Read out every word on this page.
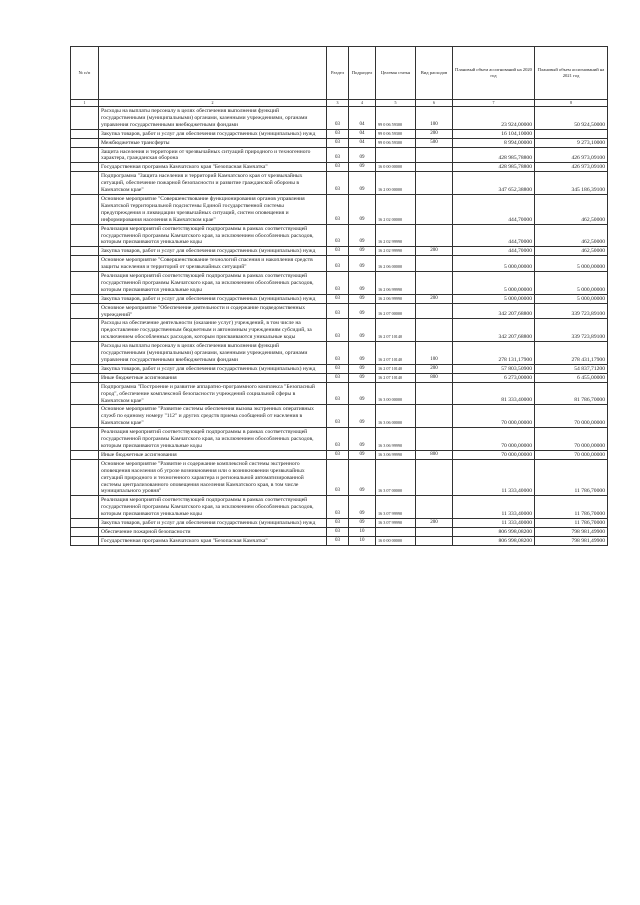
№ п/п		Раздел	Подраздел	Целевая статья	Вид расходов	Плановый объем ассигнований на 2020 год	Плановый объем ассигнований на 2021 год
1	2	3	4	5	6	7	8
	Расходы на выплаты персоналу в целях обеспечения выполнения функций государственными (муниципальными) органами, казенными учреждениями, органами управления государственными внебюджетными фондами	03	04	99 0 06 59300	100	23 924,00000	50 924,50000
	Закупка товаров, работ и услуг для обеспечения государственных (муниципальных) нужд	03	04	99 0 06 59300	200	16 104,10000	
	Межбюджетные трансферты	03	04	99 0 06 59300	500	8 994,00000	9 273,10000
	Защита населения и территории от чрезвычайных ситуаций природного и техногенного характера, гражданская оборона	03	09			428 985,78800	426 973,09100
	Государственная программа Камчатского края "Безопасная Камчатка"	03	09	16 0 00 00000		428 985,78800	426 973,09100
	Подпрограмма "Защита населения и территорий Камчатского края от чрезвычайных ситуаций, обеспечение пожарной безопасности и развитие гражданской обороны в Камчатском крае"	03	09	16 2 00 00000		347 652,38800	345 186,39100
	Основное мероприятие "Совершенствование функционирования органов управления Камчатской территориальной подсистемы Единой государственной системы предупреждения и ликвидации чрезвычайных ситуаций, систем оповещения и информирования населения в Камчатском крае"	03	09	16 2 02 00000		444,70000	462,50000
	Реализация мероприятий соответствующей подпрограммы в рамках соответствующей государственной программы Камчатского края, за исключением обособленных расходов, которым присваиваются уникальные коды	03	09	16 2 02 99990		444,70000	462,50000
	Закупка товаров, работ и услуг для обеспечения государственных (муниципальных) нужд	03	09	16 2 02 99990	200	444,70000	462,50000
	Основное мероприятие "Совершенствование технологий спасения и накопления средств защиты населения и территорий от чрезвычайных ситуаций"	03	09	16 2 06 00000		5 000,00000	5 000,00000
	Реализация мероприятий соответствующей подпрограммы в рамках соответствующей государственной программы Камчатского края, за исключением обособленных расходов, которым присваиваются уникальные коды	03	09	16 2 06 99990		5 000,00000	5 000,00000
	Закупка товаров, работ и услуг для обеспечения государственных (муниципальных) нужд	03	09	16 2 06 99990	200	5 000,00000	5 000,00000
	Основное мероприятие "Обеспечение деятельности и содержание подведомственных учреждений"	03	09	16 2 07 00000		342 207,68800	339 723,89100
	Расходы на обеспечение деятельности (оказание услуг) учреждений, в том числе на предоставление государственным бюджетным и автономным учреждениям субсидий, за исключением обособленных расходов, которым присваиваются уникальные коды	03	09	16 2 07 10140		342 207,68800	339 723,89100
	Расходы на выплаты персоналу в целях обеспечения выполнения функций государственными (муниципальными) органами, казенными учреждениями, органами управления государственными внебюджетными фондами	03	09	16 2 07 10140	100	278 131,17900	278 431,17900
	Закупка товаров, работ и услуг для обеспечения государственных (муниципальных) нужд	03	09	16 2 07 10140	200	57 803,50900	54 837,71200
	Иные бюджетные ассигнования	03	09	16 2 07 10140	800	6 273,00000	6 455,00000
	Подпрограмма "Построение и развитие аппаратно-программного комплекса "Безопасный город", обеспечение комплексной безопасности учреждений социальной сферы в Камчатском крае"	03	09	16 3 00 00000		81 333,40000	81 786,70000
	Основное мероприятие "Развитие системы обеспечения вызова экстренных оперативных служб по единому номеру "112" и других средств приема сообщений от населения в Камчатском крае"	03	09	16 3 06 00000		70 000,00000	70 000,00000
	Реализация мероприятий соответствующей подпрограммы в рамках соответствующей государственной программы Камчатского края, за исключением обособленных расходов, которым присваиваются уникальные коды	03	09	16 3 06 99990		70 000,00000	70 000,00000
	Иные бюджетные ассигнования	03	09	16 3 06 99990	800	70 000,00000	70 000,00000
	Основное мероприятие "Развитие и содержание комплексной системы экстренного оповещения населения об угрозе возникновения или о возникновении чрезвычайных ситуаций природного и техногенного характера и региональной автоматизированной системы централизованного оповещения населения Камчатского края, в том числе муниципального уровня"	03	09	16 3 07 00000		11 333,40000	11 786,70000
	Реализация мероприятий соответствующей подпрограммы в рамках соответствующей государственной программы Камчатского края, за исключением обособленных расходов, которым присваиваются уникальные коды	03	09	16 3 07 99990		11 333,40000	11 786,70000
	Закупка товаров, работ и услуг для обеспечения государственных (муниципальных) нужд	03	09	16 3 07 99990	200	11 333,40000	11 786,70000
	Обеспечение пожарной безопасности	03	10			806 998,08200	798 981,49900
	Государственная программа Камчатского края "Безопасная Камчатка"	03	10	16 0 00 00000		806 998,08200	798 981,49900
